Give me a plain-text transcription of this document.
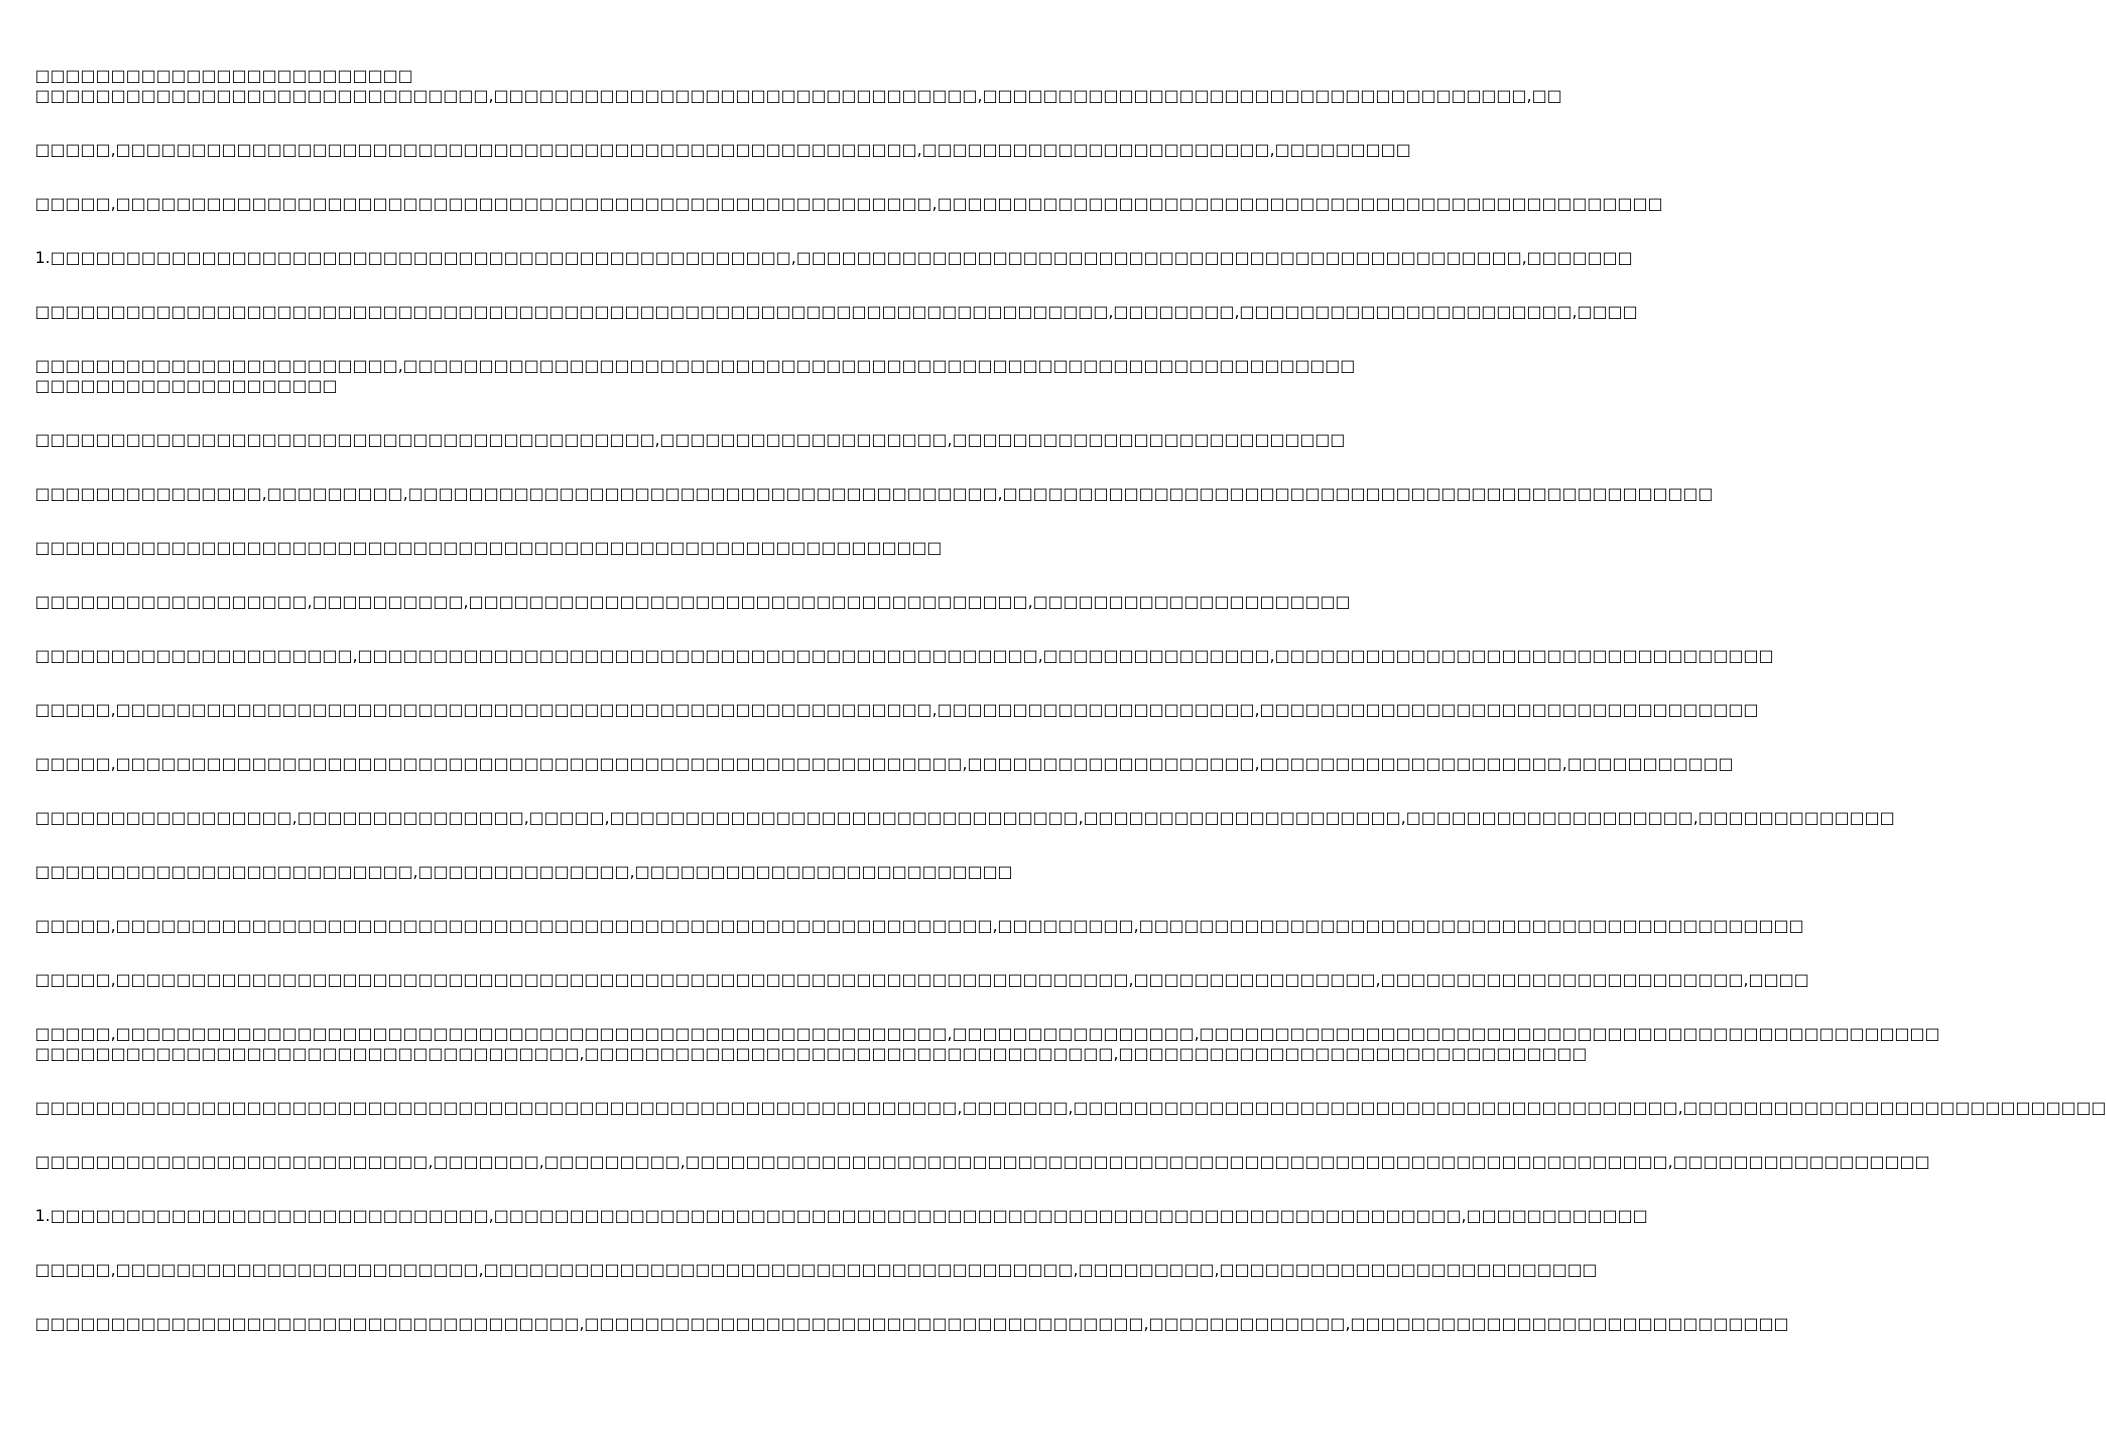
□□□□□□□□□□□□□□□□□□□□□□□□□
□□□□□□□□□□□□□□□□□□□□□□□□□□□□□□,□□□□□□□□□□□□□□□□□□□□□□□□□□□□□□□□,□□□□□□□□□□□□□□□□□□□□□□□□□□□□□□□□□□□□,□□
□□□□□,□□□□□□□□□□□□□□□□□□□□□□□□□□□□□□□□□□□□□□□□□□□□□□□□□□□□□,□□□□□□□□□□□□□□□□□□□□□□□,□□□□□□□□□
□□□□□,□□□□□□□□□□□□□□□□□□□□□□□□□□□□□□□□□□□□□□□□□□□□□□□□□□□□□□,□□□□□□□□□□□□□□□□□□□□□□□□□□□□□□□□□□□□□□□□□□□□□□□□
1.□□□□□□□□□□□□□□□□□□□□□□□□□□□□□□□□□□□□□□□□□□□□□□□□□,□□□□□□□□□□□□□□□□□□□□□□□□□□□□□□□□□□□□□□□□□□□□□□□□,□□□□□□□
□□□□□□□□□□□□□□□□□□□□□□□□□□□□□□□□□□□□□□□□□□□□□□□□□□□□□□□□□□□□□□□□□□□□□□□,□□□□□□□□,□□□□□□□□□□□□□□□□□□□□□□,□□□□
□□□□□□□□□□□□□□□□□□□□□□□□,□□□□□□□□□□□□□□□□□□□□□□□□□□□□□□□□□□□□□□□□□□□□□□□□□□□□□□□□□□□□□□□
□□□□□□□□□□□□□□□□□□□□
□□□□□□□□□□□□□□□□□□□□□□□□□□□□□□□□□□□□□□□□□,□□□□□□□□□□□□□□□□□□□,□□□□□□□□□□□□□□□□□□□□□□□□□□
□□□□□□□□□□□□□□□,□□□□□□□□□,□□□□□□□□□□□□□□□□□□□□□□□□□□□□□□□□□□□□□□□,□□□□□□□□□□□□□□□□□□□□□□□□□□□□□□□□□□□□□□□□□□□□□□□
□□□□□□□□□□□□□□□□□□□□□□□□□□□□□□□□□□□□□□□□□□□□□□□□□□□□□□□□□□□□
□□□□□□□□□□□□□□□□□□,□□□□□□□□□□,□□□□□□□□□□□□□□□□□□□□□□□□□□□□□□□□□□□□□,□□□□□□□□□□□□□□□□□□□□□
□□□□□□□□□□□□□□□□□□□□□,□□□□□□□□□□□□□□□□□□□□□□□□□□□□□□□□□□□□□□□□□□□□□,□□□□□□□□□□□□□□□,□□□□□□□□□□□□□□□□□□□□□□□□□□□□□□□□□
□□□□□,□□□□□□□□□□□□□□□□□□□□□□□□□□□□□□□□□□□□□□□□□□□□□□□□□□□□□□,□□□□□□□□□□□□□□□□□□□□□,□□□□□□□□□□□□□□□□□□□□□□□□□□□□□□□□□
□□□□□,□□□□□□□□□□□□□□□□□□□□□□□□□□□□□□□□□□□□□□□□□□□□□□□□□□□□□□□□,□□□□□□□□□□□□□□□□□□□,□□□□□□□□□□□□□□□□□□□□,□□□□□□□□□□□
□□□□□□□□□□□□□□□□□,□□□□□□□□□□□□□□□,□□□□□,□□□□□□□□□□□□□□□□□□□□□□□□□□□□□□□,□□□□□□□□□□□□□□□□□□□□□,□□□□□□□□□□□□□□□□□□□,□□□□□□□□□□□□□
□□□□□□□□□□□□□□□□□□□□□□□□□,□□□□□□□□□□□□□□,□□□□□□□□□□□□□□□□□□□□□□□□□
□□□□□,□□□□□□□□□□□□□□□□□□□□□□□□□□□□□□□□□□□□□□□□□□□□□□□□□□□□□□□□□□,□□□□□□□□□,□□□□□□□□□□□□□□□□□□□□□□□□□□□□□□□□□□□□□□□□□□□□
□□□□□,□□□□□□□□□□□□□□□□□□□□□□□□□□□□□□□□□□□□□□□□□□□□□□□□□□□□□□□□□□□□□□□□□□□,□□□□□□□□□□□□□□□□,□□□□□□□□□□□□□□□□□□□□□□□□,□□□□
□□□□□,□□□□□□□□□□□□□□□□□□□□□□□□□□□□□□□□□□□□□□□□□□□□□□□□□□□□□□□,□□□□□□□□□□□□□□□□,□□□□□□□□□□□□□□□□□□□□□□□□□□□□□□□□□□□□□□□□□□□□□□□□□
□□□□□□□□□□□□□□□□□□□□□□□□□□□□□□□□□□□□,□□□□□□□□□□□□□□□□□□□□□□□□□□□□□□□□□□□,□□□□□□□□□□□□□□□□□□□□□□□□□□□□□□□
□□□□□□□□□□□□□□□□□□□□□□□□□□□□□□□□□□□□□□□□□□□□□□□□□□□□□□□□□□□□□,□□□□□□□,□□□□□□□□□□□□□□□□□□□□□□□□□□□□□□□□□□□□□□□□,□□□□□□□□□□□□□□□□□□□□□□□□□□□□
□□□□□□□□□□□□□□□□□□□□□□□□□□,□□□□□□□,□□□□□□□□□,□□□□□□□□□□□□□□□□□□□□□□□□□□□□□□□□□□□□□□□□□□□□□□□□□□□□□□□□□□□□□□□□□,□□□□□□□□□□□□□□□□□
1.□□□□□□□□□□□□□□□□□□□□□□□□□□□□□,□□□□□□□□□□□□□□□□□□□□□□□□□□□□□□□□□□□□□□□□□□□□□□□□□□□□□□□□□□□□□□□□,□□□□□□□□□□□□
□□□□□,□□□□□□□□□□□□□□□□□□□□□□□□,□□□□□□□□□□□□□□□□□□□□□□□□□□□□□□□□□□□□□□□,□□□□□□□□□,□□□□□□□□□□□□□□□□□□□□□□□□□
□□□□□□□□□□□□□□□□□□□□□□□□□□□□□□□□□□□□,□□□□□□□□□□□□□□□□□□□□□□□□□□□□□□□□□□□□□,□□□□□□□□□□□□□,□□□□□□□□□□□□□□□□□□□□□□□□□□□□□
